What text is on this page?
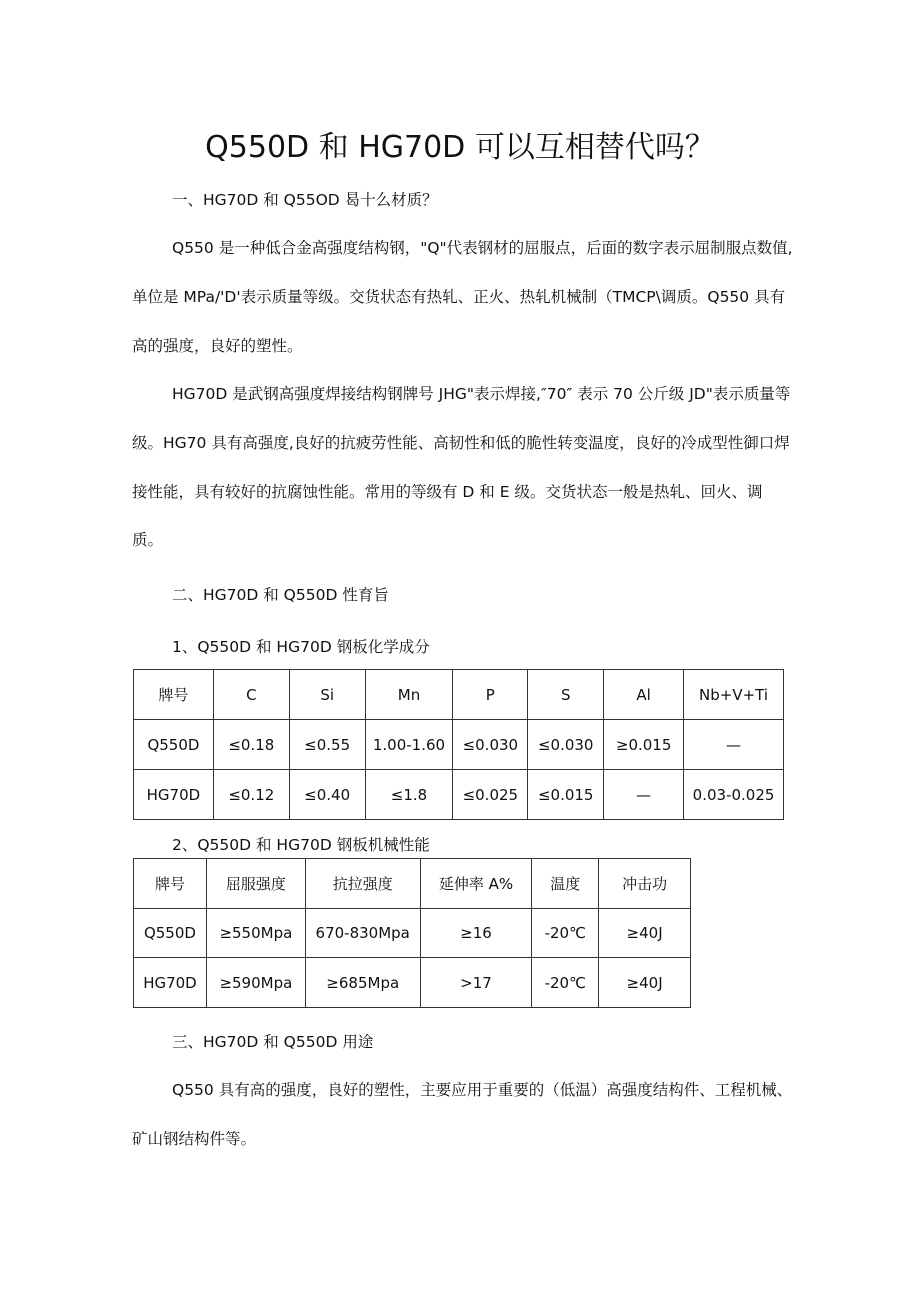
Q550D 和 HG70D 可以互相替代吗？

一、HG70D 和 Q55OD 曷十么材质？

Q550 是一种低合金高强度结构钢，"Q"代表钢材的屈服点，后面的数字表示屈制服点数值,

单位是 MPa/'D'表示质量等级。交货状态有热轧、正火、热轧机械制（TMCP\调质。Q550 具有

高的强度，良好的塑性。

HG70D 是武钢高强度焊接结构钢牌号 JHG"表示焊接,″70″ 表示 70 公斤级 JD"表示质量等

级。HG70 具有高强度,良好的抗疲劳性能、高韧性和低的脆性转变温度，良好的冷成型性御口焊

接性能，具有较好的抗腐蚀性能。常用的等级有 D 和 E 级。交货状态一般是热轧、回火、调

质。

二、HG70D 和 Q550D 性育旨

1、Q550D 和 HG70D 钢板化学成分

牌号	C	Si	Mn	P	S	Al	Nb+V+Ti
Q550D	≤0.18	≤0.55	1.00-1.60	≤0.030	≤0.030	≥0.015	—
HG70D	≤0.12	≤0.40	≤1.8	≤0.025	≤0.015	—	0.03-0.025

2、Q550D 和 HG70D 钢板机械性能

牌号	屈服强度	抗拉强度	延伸率 A%	温度	冲击功
Q550D	≥550Mpa	670-830Mpa	≥16	-20℃	≥40J
HG70D	≥590Mpa	≥685Mpa	>17	-20℃	≥40J

三、HG70D 和 Q550D 用途

Q550 具有高的强度，良好的塑性，主要应用于重要的（低温）高强度结构件、工程机械、

矿山钢结构件等。
